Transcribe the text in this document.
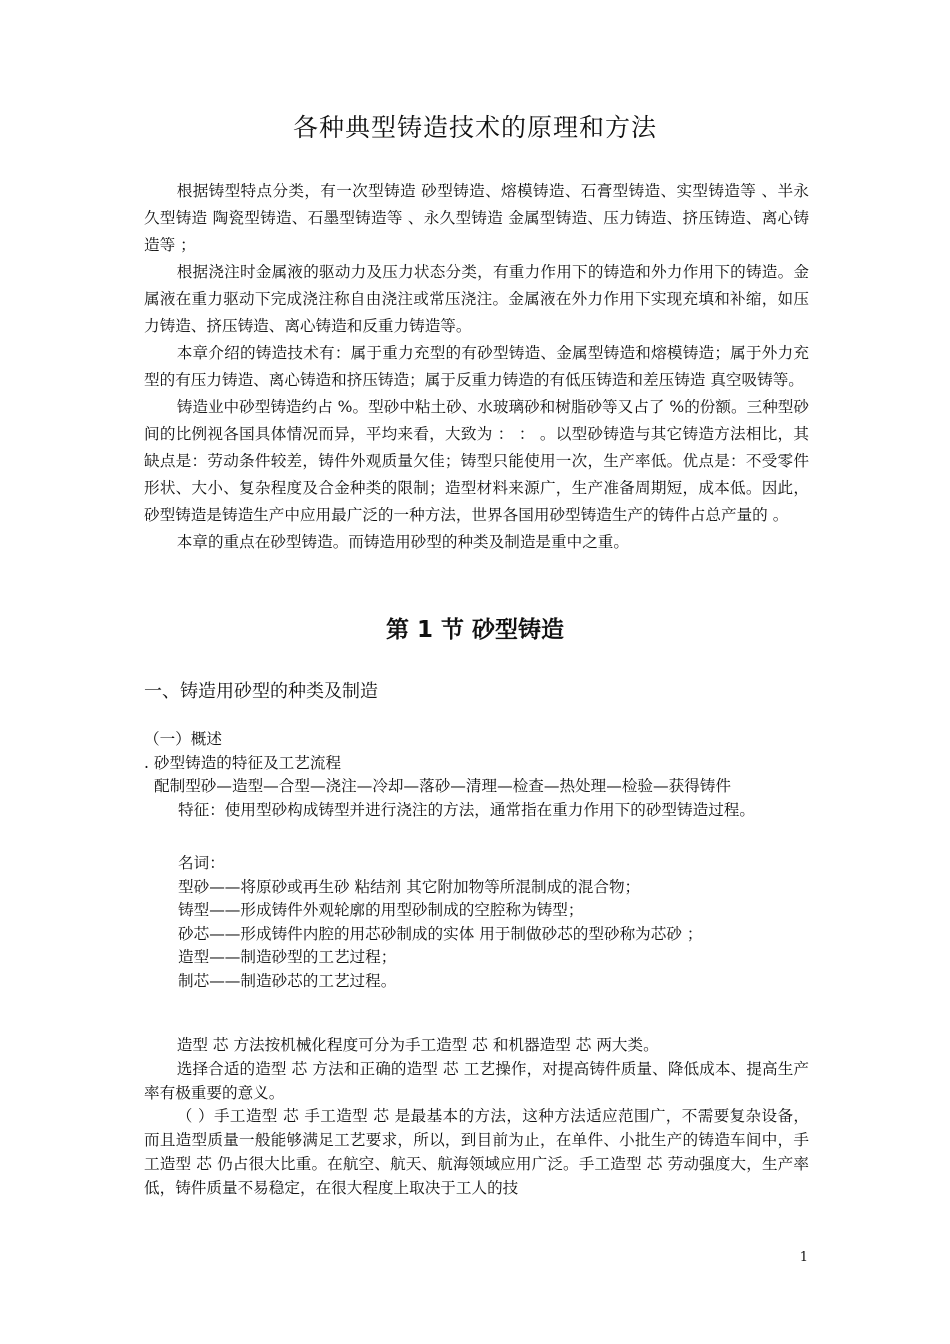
各种典型铸造技术的原理和方法

根据铸型特点分类，有一次型铸造 砂型铸造、熔模铸造、石膏型铸造、实型铸造等 、半永久型铸造 陶瓷型铸造、石墨型铸造等 、永久型铸造 金属型铸造、压力铸造、挤压铸造、离心铸造等 ；

根据浇注时金属液的驱动力及压力状态分类，有重力作用下的铸造和外力作用下的铸造。金属液在重力驱动下完成浇注称自由浇注或常压浇注。金属液在外力作用下实现充填和补缩，如压力铸造、挤压铸造、离心铸造和反重力铸造等。

本章介绍的铸造技术有：属于重力充型的有砂型铸造、金属型铸造和熔模铸造；属于外力充型的有压力铸造、离心铸造和挤压铸造；属于反重力铸造的有低压铸造和差压铸造 真空吸铸等。

铸造业中砂型铸造约占 %。型砂中粘土砂、水玻璃砂和树脂砂等又占了 %的份额。三种型砂间的比例视各国具体情况而异，平均来看，大致为 ： ： 。以型砂铸造与其它铸造方法相比，其缺点是：劳动条件较差，铸件外观质量欠佳；铸型只能使用一次，生产率低。优点是：不受零件形状、大小、复杂程度及合金种类的限制；造型材料来源广，生产准备周期短，成本低。因此，砂型铸造是铸造生产中应用最广泛的一种方法，世界各国用砂型铸造生产的铸件占总产量的 。

本章的重点在砂型铸造。而铸造用砂型的种类及制造是重中之重。

第 1 节 砂型铸造
一、铸造用砂型的种类及制造
（一）概述
. 砂型铸造的特征及工艺流程
配制型砂—造型—合型—浇注—冷却—落砂—清理—检查—热处理—检验—获得铸件
特征：使用型砂构成铸型并进行浇注的方法，通常指在重力作用下的砂型铸造过程。
名词：
型砂——将原砂或再生砂 粘结剂 其它附加物等所混制成的混合物；
铸型——形成铸件外观轮廓的用型砂制成的空腔称为铸型；
砂芯——形成铸件内腔的用芯砂制成的实体 用于制做砂芯的型砂称为芯砂 ；
造型——制造砂型的工艺过程；
制芯——制造砂芯的工艺过程。

造型 芯 方法按机械化程度可分为手工造型 芯 和机器造型 芯 两大类。

选择合适的造型 芯 方法和正确的造型 芯 工艺操作，对提高铸件质量、降低成本、提高生产率有极重要的意义。

（ ）手工造型 芯 手工造型 芯 是最基本的方法，这种方法适应范围广，不需要复杂设备，而且造型质量一般能够满足工艺要求，所以，到目前为止，在单件、小批生产的铸造车间中，手工造型 芯 仍占很大比重。在航空、航天、航海领域应用广泛。手工造型 芯 劳动强度大，生产率低，铸件质量不易稳定，在很大程度上取决于工人的技

1
